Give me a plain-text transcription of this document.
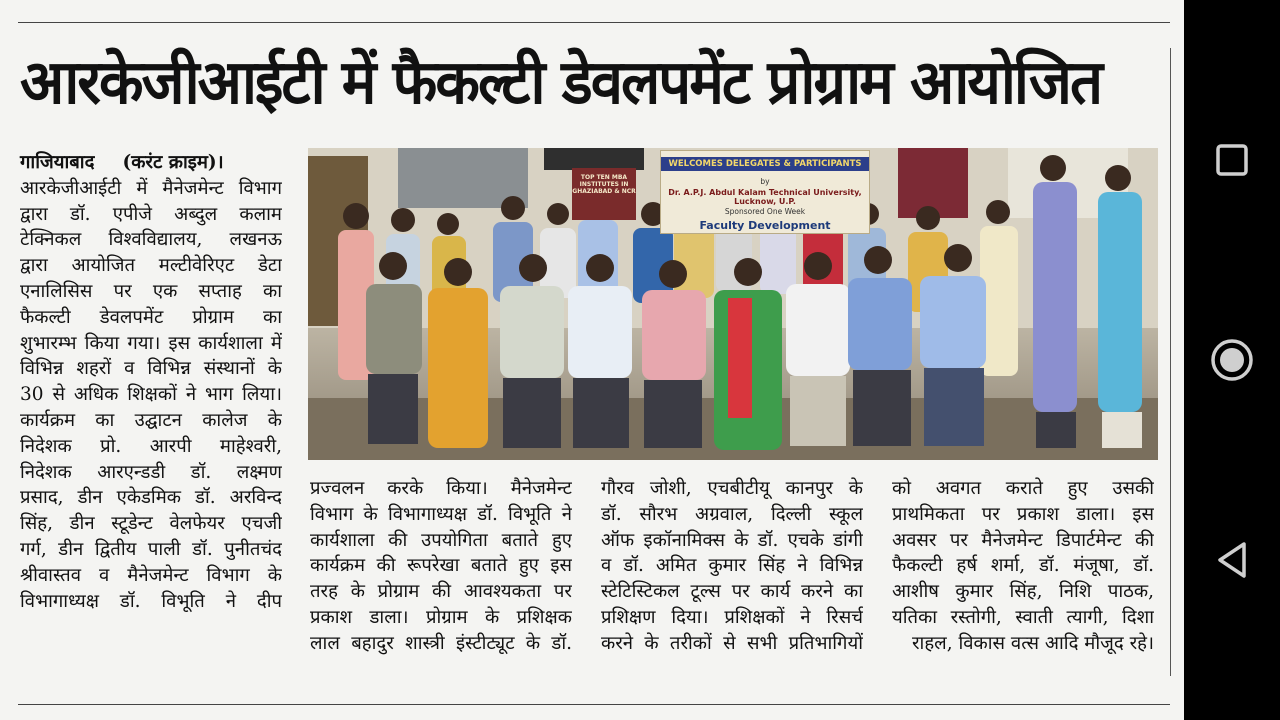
आरकेजीआईटी में फैकल्टी डेवलपमेंट प्रोग्राम आयोजित
गाजियाबाद (करंट क्राइम)।
आरकेजीआईटी में मैनेजमेन्ट विभाग
द्वारा डॉ. एपीजे अब्दुल कलाम
टेक्निकल विश्वविद्यालय, लखनऊ
द्वारा आयोजित मल्टीवेरिएट डेटा
एनालिसिस पर एक सप्ताह का
फैकल्टी डेवलपमेंट प्रोग्राम का
शुभारम्भ किया गया। इस कार्यशाला में
विभिन्न शहरों व विभिन्न संस्थानों के
30 से अधिक शिक्षकों ने भाग लिया।
कार्यक्रम का उद्घाटन कालेज के
निदेशक प्रो. आरपी माहेश्वरी,
निदेशक आरएन्डडी डॉ. लक्ष्मण
प्रसाद, डीन एकेडमिक डॉ. अरविन्द
सिंह, डीन स्टूडेन्ट वेलफेयर एचजी
गर्ग, डीन द्वितीय पाली डॉ. पुनीतचंद
श्रीवास्तव व मैनेजमेन्ट विभाग के
विभागाध्यक्ष डॉ. विभूति ने दीप
TOP TEN MBA INSTITUTES IN GHAZIABAD & NCR
WELCOMES DELEGATES & PARTICIPANTS
by
Dr. A.P.J. Abdul Kalam Technical University, Lucknow, U.P.
Sponsored One Week
Faculty Development
प्रज्वलन करके किया। मैनेजमेन्ट
विभाग के विभागाध्यक्ष डॉ. विभूति ने
कार्यशाला की उपयोगिता बताते हुए
कार्यक्रम की रूपरेखा बताते हुए इस
तरह के प्रोग्राम की आवश्यकता पर
प्रकाश डाला। प्रोग्राम के प्रशिक्षक
लाल बहादुर शास्त्री इंस्टीट्यूट के डॉ.
गौरव जोशी, एचबीटीयू कानपुर के
डॉ. सौरभ अग्रवाल, दिल्ली स्कूल
ऑफ इकॉनामिक्स के डॉ. एचके डांगी
व डॉ. अमित कुमार सिंह ने विभिन्न
स्टेटिस्टिकल टूल्स पर कार्य करने का
प्रशिक्षण दिया। प्रशिक्षकों ने रिसर्च
करने के तरीकों से सभी प्रतिभागियों
को अवगत कराते हुए उसकी
प्राथमिकता पर प्रकाश डाला। इस
अवसर पर मैनेजमेन्ट डिपार्टमेन्ट की
फैकल्टी हर्ष शर्मा, डॉ. मंजूषा, डॉ.
आशीष कुमार सिंह, निशि पाठक,
यतिका रस्तोगी, स्वाती त्यागी, दिशा
राहल, विकास वत्स आदि मौजूद रहे।
